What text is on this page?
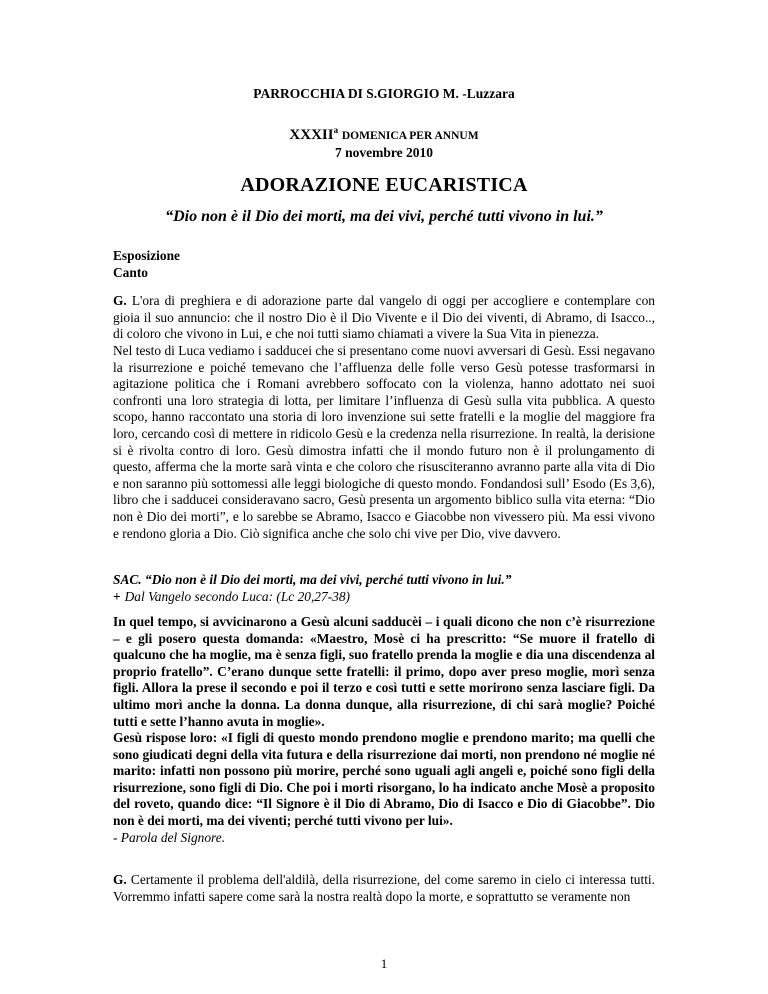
PARROCCHIA DI S.GIORGIO M. -Luzzara
XXXII$^a$ DOMENICA PER ANNUM
7 novembre 2010
ADORAZIONE EUCARISTICA
“Dio non è il Dio dei morti, ma dei vivi, perché tutti vivono in lui.”
Esposizione
Canto
G. L'ora di preghiera e di adorazione parte dal vangelo di oggi per accogliere e contemplare con gioia il suo annuncio: che il nostro Dio è il Dio Vivente e il Dio dei viventi, di Abramo, di Isacco.., di coloro che vivono in Lui, e che noi tutti siamo chiamati a vivere la Sua Vita in pienezza.
Nel testo di Luca vediamo i sadducei che si presentano come nuovi avversari di Gesù. Essi negavano la risurrezione e poiché temevano che l’affluenza delle folle verso Gesù potesse trasformarsi in agitazione politica che i Romani avrebbero soffocato con la violenza, hanno adottato nei suoi confronti una loro strategia di lotta, per limitare l’influenza di Gesù sulla vita pubblica. A questo scopo, hanno raccontato una storia di loro invenzione sui sette fratelli e la moglie del maggiore fra loro, cercando così di mettere in ridicolo Gesù e la credenza nella risurrezione. In realtà, la derisione si è rivolta contro di loro. Gesù dimostra infatti che il mondo futuro non è il prolungamento di questo, afferma che la morte sarà vinta e che coloro che risusciteranno avranno parte alla vita di Dio e non saranno più sottomessi alle leggi biologiche di questo mondo. Fondandosi sull’ Esodo (Es 3,6), libro che i sadducei consideravano sacro, Gesù presenta un argomento biblico sulla vita eterna: “Dio non è Dio dei morti”, e lo sarebbe se Abramo, Isacco e Giacobbe non vivessero più. Ma essi vivono e rendono gloria a Dio. Ciò significa anche che solo chi vive per Dio, vive davvero.
SAC. “Dio non è il Dio dei morti, ma dei vivi, perché tutti vivono in lui.”
+ Dal Vangelo secondo Luca: (Lc 20,27-38)
In quel tempo, si avvicinarono a Gesù alcuni sadducèi – i quali dicono che non c’è risurrezione – e gli posero questa domanda: «Maestro, Mosè ci ha prescritto: “Se muore il fratello di qualcuno che ha moglie, ma è senza figli, suo fratello prenda la moglie e dia una discendenza al proprio fratello”. C’erano dunque sette fratelli: il primo, dopo aver preso moglie, morì senza figli. Allora la prese il secondo e poi il terzo e così tutti e sette morirono senza lasciare figli. Da ultimo morì anche la donna. La donna dunque, alla risurrezione, di chi sarà moglie? Poiché tutti e sette l’hanno avuta in moglie».
Gesù rispose loro: «I figli di questo mondo prendono moglie e prendono marito; ma quelli che sono giudicati degni della vita futura e della risurrezione dai morti, non prendono né moglie né marito: infatti non possono più morire, perché sono uguali agli angeli e, poiché sono figli della risurrezione, sono figli di Dio. Che poi i morti risorgano, lo ha indicato anche Mosè a proposito del roveto, quando dice: “Il Signore è il Dio di Abramo, Dio di Isacco e Dio di Giacobbe”. Dio non è dei morti, ma dei viventi; perché tutti vivono per lui».
- Parola del Signore.
G. Certamente il problema dell'aldilà, della risurrezione, del come saremo in cielo ci interessa tutti. Vorremmo infatti sapere come sarà la nostra realtà dopo la morte, e soprattutto se veramente non
1
